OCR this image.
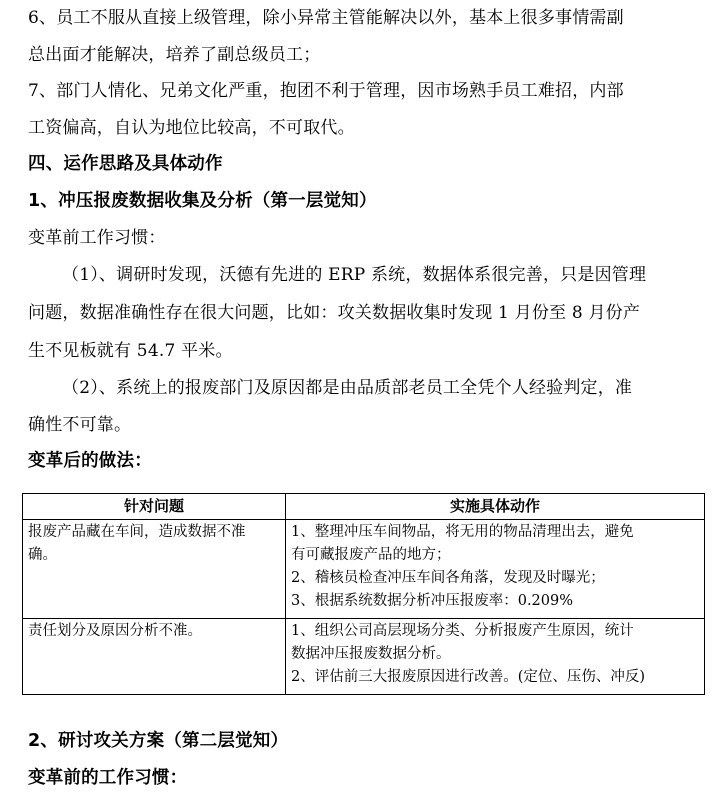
6、员工不服从直接上级管理，除小异常主管能解决以外，基本上很多事情需副
总出面才能解决，培养了副总级员工；
7、部门人情化、兄弟文化严重，抱团不利于管理，因市场熟手员工难招，内部
工资偏高，自认为地位比较高，不可取代。
四、运作思路及具体动作
1、冲压报废数据收集及分析（第一层觉知）
变革前工作习惯：
（1）、调研时发现，沃德有先进的 ERP 系统，数据体系很完善，只是因管理
问题，数据准确性存在很大问题，比如：攻关数据收集时发现 1 月份至 8 月份产
生不见板就有 54.7 平米。
（2）、系统上的报废部门及原因都是由品质部老员工全凭个人经验判定，准
确性不可靠。
变革后的做法：
针对问题	实施具体动作

报废产品藏在车间，造成数据不准
确。	1、整理冲压车间物品，将无用的物品清理出去，避免
有可藏报废产品的地方；
2、稽核员检查冲压车间各角落，发现及时曝光；
3、根据系统数据分析冲压报废率：0.209%

责任划分及原因分析不准。	1、组织公司高层现场分类、分析报废产生原因，统计
数据冲压报废数据分析。
2、评估前三大报废原因进行改善。(定位、压伤、冲反)
2、研讨攻关方案（第二层觉知）
变革前的工作习惯：
